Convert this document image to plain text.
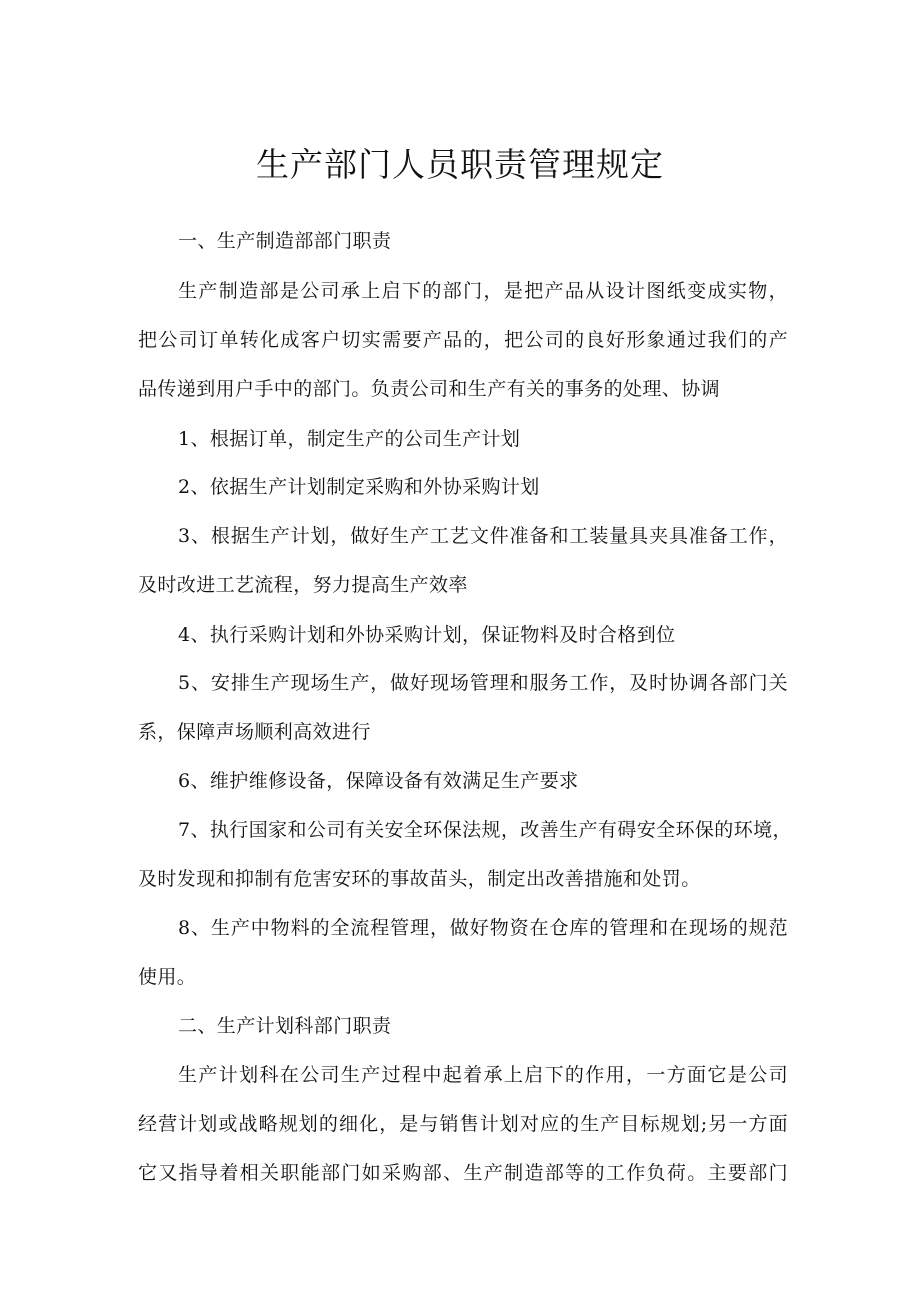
生产部门人员职责管理规定
一、生产制造部部门职责
生产制造部是公司承上启下的部门，是把产品从设计图纸变成实物，
把公司订单转化成客户切实需要产品的，把公司的良好形象通过我们的产
品传递到用户手中的部门。负责公司和生产有关的事务的处理、协调
1、根据订单，制定生产的公司生产计划
2、依据生产计划制定采购和外协采购计划
3、根据生产计划，做好生产工艺文件准备和工装量具夹具准备工作，
及时改进工艺流程，努力提高生产效率
4、执行采购计划和外协采购计划，保证物料及时合格到位
5、安排生产现场生产，做好现场管理和服务工作，及时协调各部门关
系，保障声场顺利高效进行
6、维护维修设备，保障设备有效满足生产要求
7、执行国家和公司有关安全环保法规，改善生产有碍安全环保的环境，
及时发现和抑制有危害安环的事故苗头，制定出改善措施和处罚。
8、生产中物料的全流程管理，做好物资在仓库的管理和在现场的规范
使用。
二、生产计划科部门职责
生产计划科在公司生产过程中起着承上启下的作用，一方面它是公司
经营计划或战略规划的细化，是与销售计划对应的生产目标规划;另一方面
它又指导着相关职能部门如采购部、生产制造部等的工作负荷。主要部门
